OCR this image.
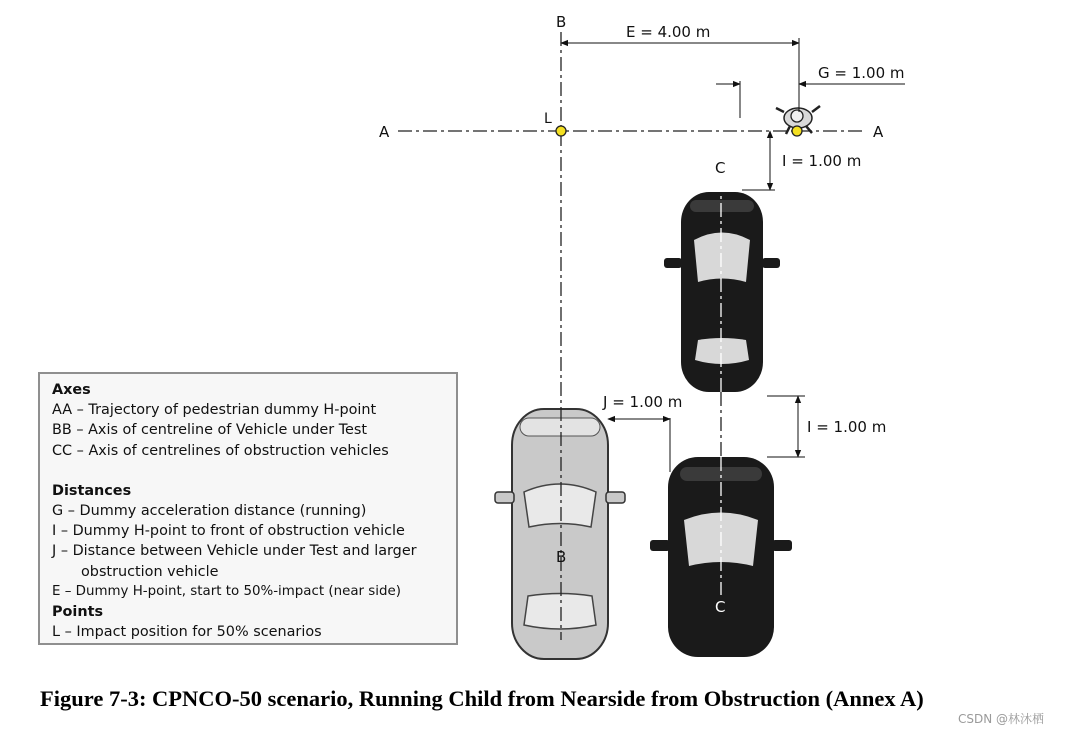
A	A
B
B
C
C
L
E = 4.00 m
G = 1.00 m
I = 1.00 m
I = 1.00 m
J = 1.00 m
Axes
AA – Trajectory of pedestrian dummy H-point
BB – Axis of centreline of Vehicle under Test
CC – Axis of centrelines of obstruction vehicles
Distances
G – Dummy acceleration distance (running)
I – Dummy H-point to front of obstruction vehicle
J – Distance between Vehicle under Test and larger
obstruction vehicle
E – Dummy H-point, start to 50%-impact (near side)
Points
L – Impact position for 50% scenarios
Figure 7-3: CPNCO-50 scenario, Running Child from Nearside from Obstruction (Annex A)
CSDN @林沐栖
